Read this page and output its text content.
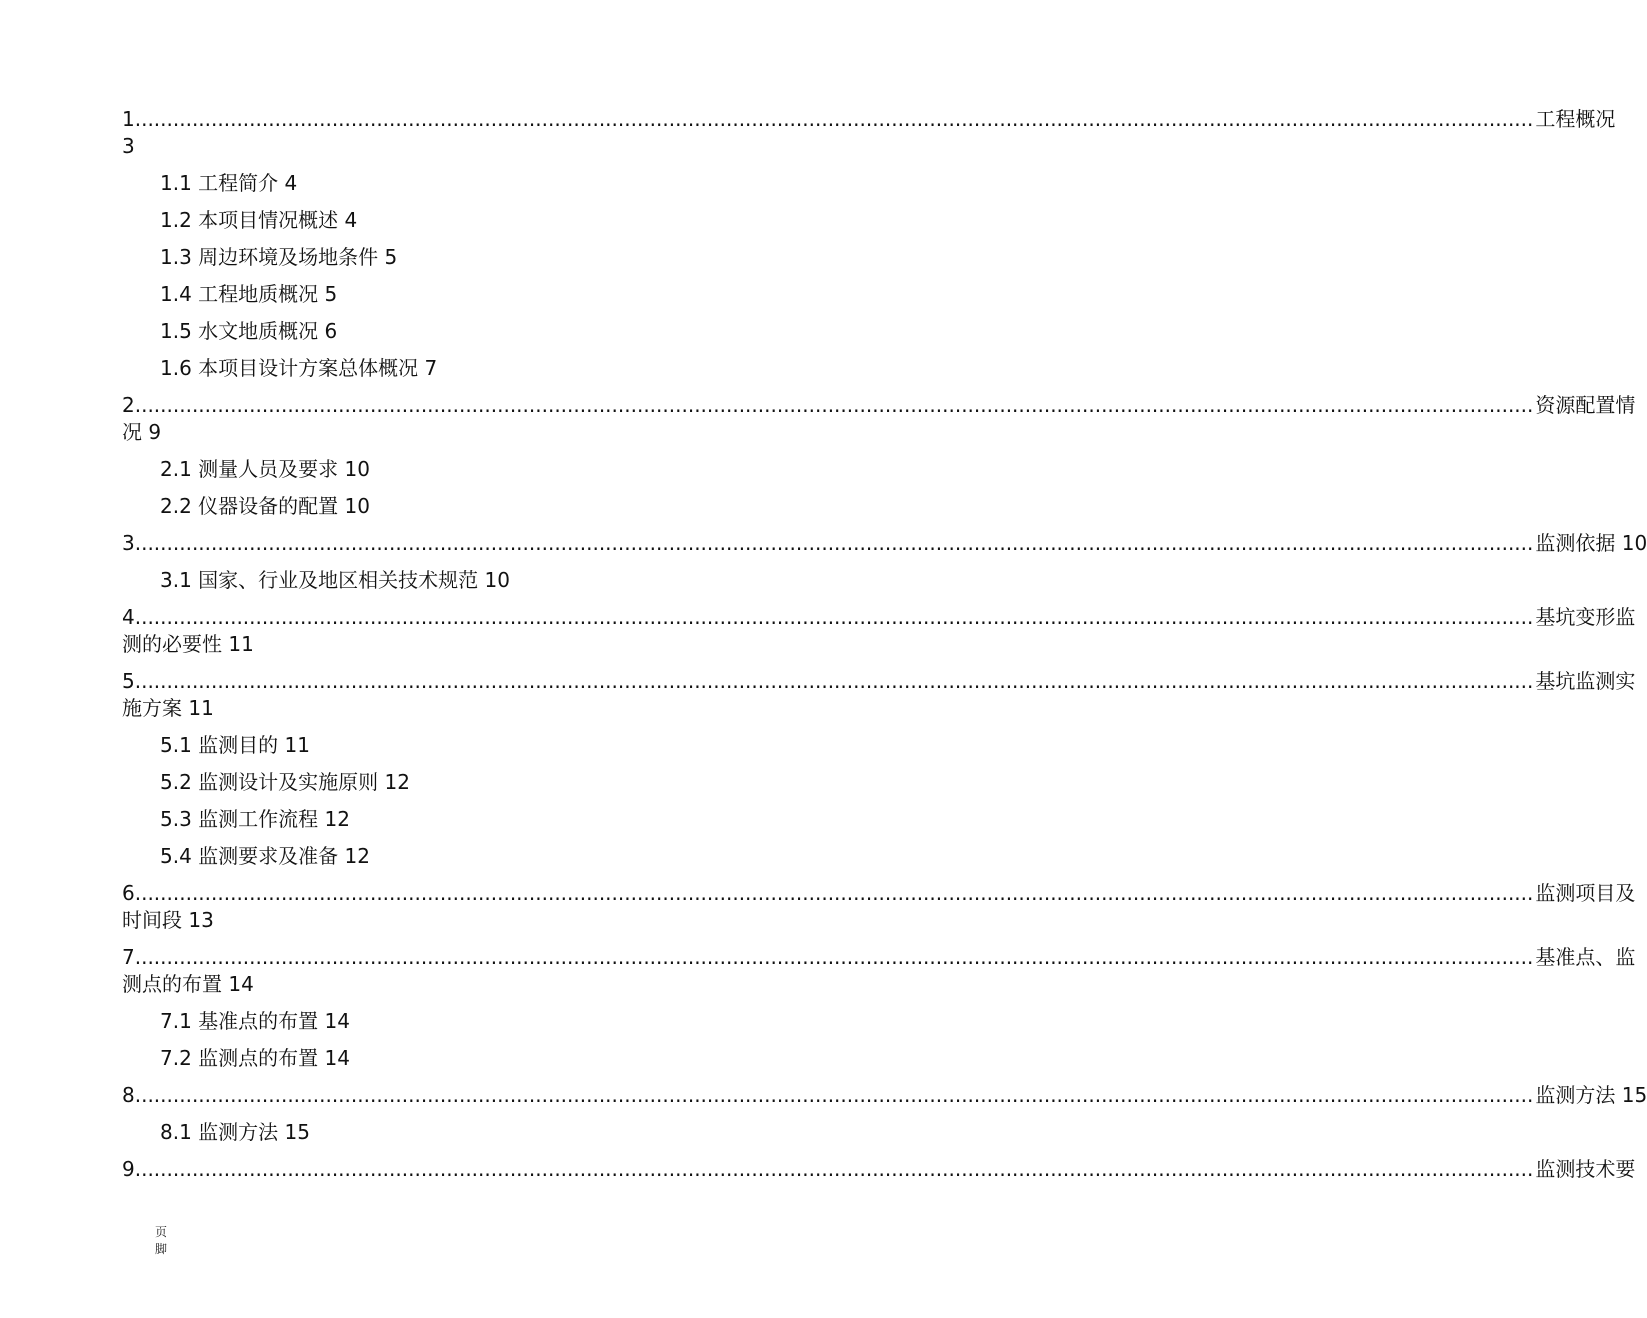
1 ............................................................................................................................................................................................................................ 工程概况
3
1.1 工程简介 4
1.2 本项目情况概述 4
1.3 周边环境及场地条件 5
1.4 工程地质概况 5
1.5 水文地质概况 6
1.6 本项目设计方案总体概况 7
2 ............................................................................................................................................................................................................................ 资源配置情
况 9
2.1 测量人员及要求 10
2.2 仪器设备的配置 10
3 ............................................................................................................................................................................................................................ 监测依据 10
3.1 国家、行业及地区相关技术规范 10
4 ............................................................................................................................................................................................................................ 基坑变形监
测的必要性 11
5 ............................................................................................................................................................................................................................ 基坑监测实
施方案 11
5.1 监测目的 11
5.2 监测设计及实施原则 12
5.3 监测工作流程 12
5.4 监测要求及准备 12
6 ............................................................................................................................................................................................................................ 监测项目及
时间段 13
7 ............................................................................................................................................................................................................................ 基准点、监
测点的布置 14
7.1 基准点的布置 14
7.2 监测点的布置 14
8 ............................................................................................................................................................................................................................ 监测方法 15
8.1 监测方法 15
9 ............................................................................................................................................................................................................................ 监测技术要
页脚
